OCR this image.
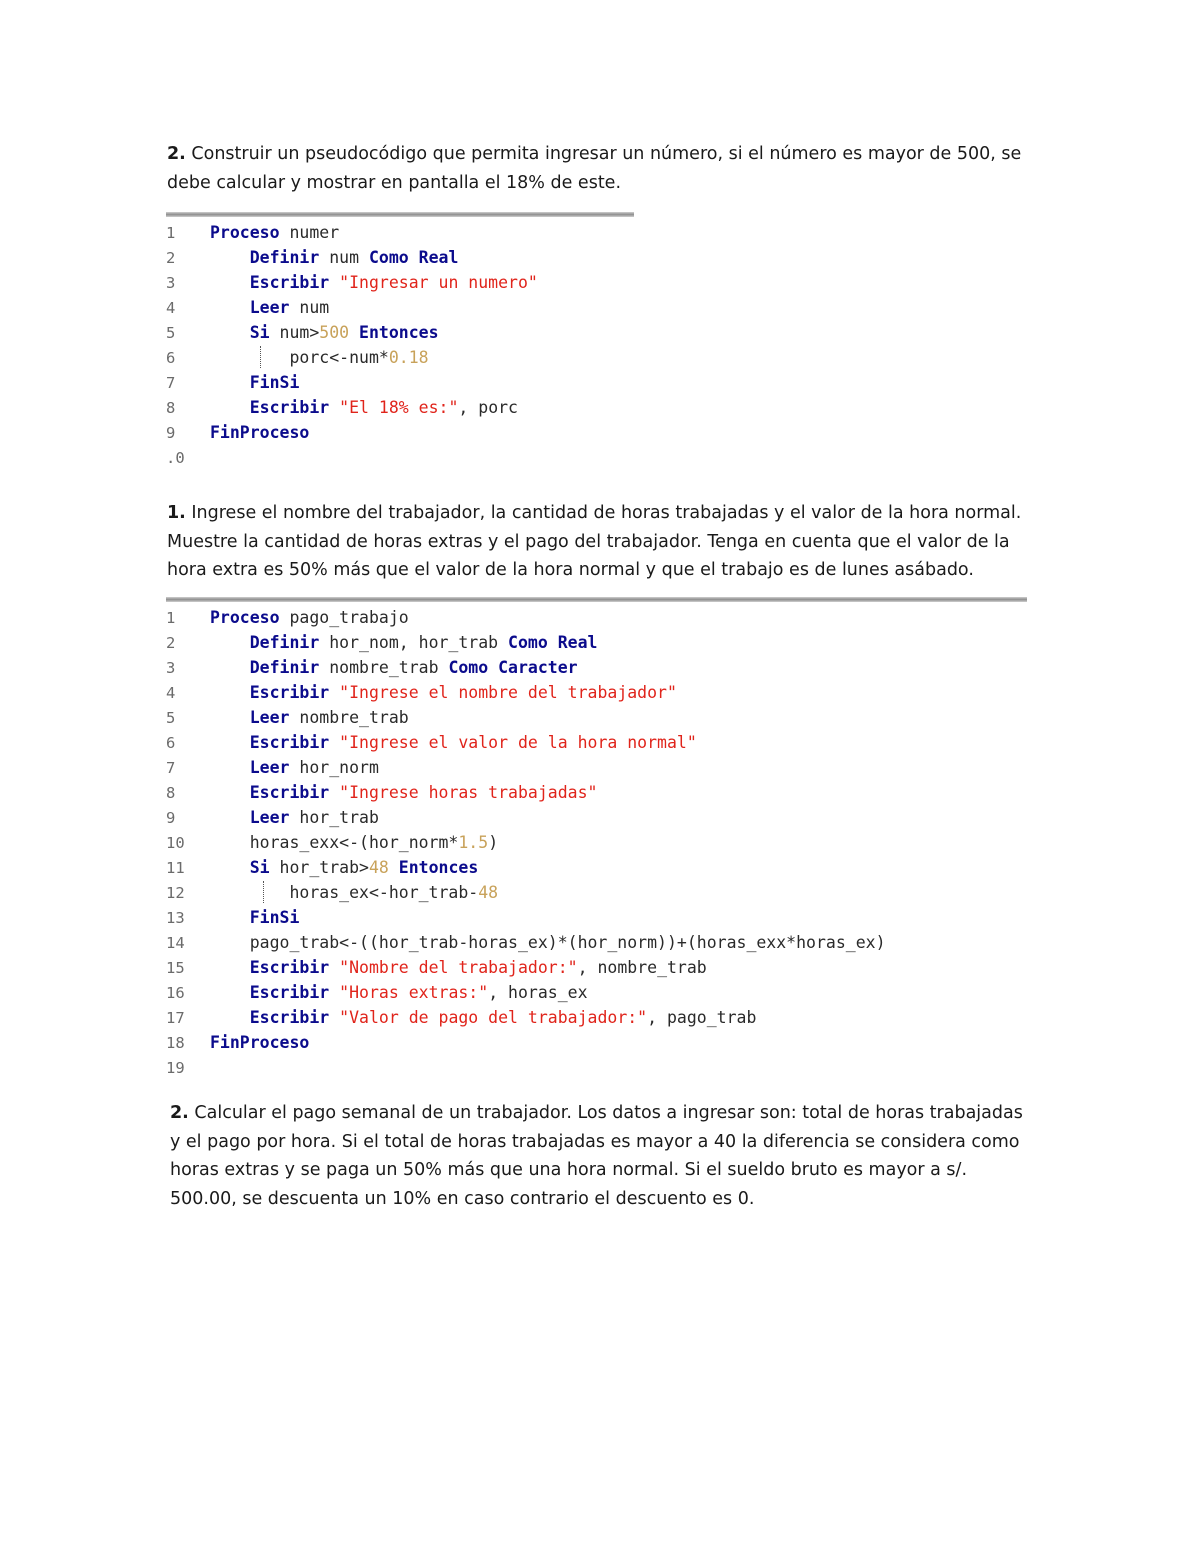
2. Construir un pseudocódigo que permita ingresar un número, si el número es mayor de 500, se debe calcular y mostrar en pantalla el 18% de este.
1 Proceso numer
2	Definir num Como Real
3	Escribir "Ingresar un numero"
4	Leer num
5	Si num>500 Entonces
6	porc<-num*0.18
7	FinSi
8	Escribir "El 18% es:", porc
9 FinProceso
.0
1. Ingrese el nombre del trabajador, la cantidad de horas trabajadas y el valor de la hora normal. Muestre la cantidad de horas extras y el pago del trabajador. Tenga en cuenta que el valor de la hora extra es 50% más que el valor de la hora normal y que el trabajo es de lunes asábado.
1 Proceso pago_trabajo
2	Definir hor_nom, hor_trab Como Real
3	Definir nombre_trab Como Caracter
4	Escribir "Ingrese el nombre del trabajador"
5	Leer nombre_trab
6	Escribir "Ingrese el valor de la hora normal"
7	Leer hor_norm
8	Escribir "Ingrese horas trabajadas"
9	Leer hor_trab
10	horas_exx<-(hor_norm*1.5)
11	Si hor_trab>48 Entonces
12	horas_ex<-hor_trab-48
13	FinSi
14	pago_trab<-((hor_trab-horas_ex)*(hor_norm))+(horas_exx*horas_ex)
15	Escribir "Nombre del trabajador:", nombre_trab
16	Escribir "Horas extras:", horas_ex
17	Escribir "Valor de pago del trabajador:", pago_trab
18 FinProceso
19
2. Calcular el pago semanal de un trabajador. Los datos a ingresar son: total de horas trabajadas y el pago por hora. Si el total de horas trabajadas es mayor a 40 la diferencia se considera como horas extras y se paga un 50% más que una hora normal. Si el sueldo bruto es mayor a s/. 500.00, se descuenta un 10% en caso contrario el descuento es 0.
